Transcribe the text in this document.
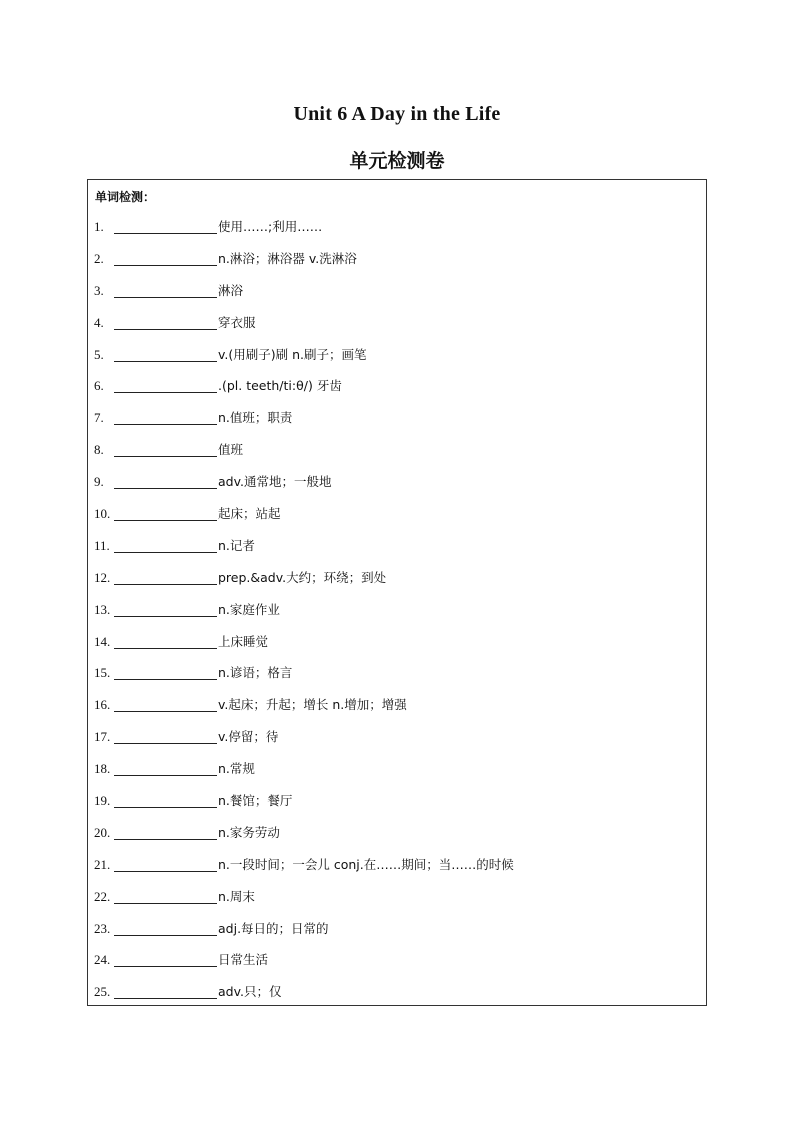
Unit 6 A Day in the Life
单元检测卷
单词检测：
1.	使用……;利用……
2.	n.淋浴；淋浴器 v.洗淋浴
3.	淋浴
4.	穿衣服
5.	v.(用刷子)刷 n.刷子；画笔
6.	.(pl. teeth/ti:θ/) 牙齿
7.	n.值班；职责
8.	值班
9.	adv.通常地；一般地
10.	起床；站起
11.	n.记者
12.	prep.&adv.大约；环绕；到处
13.	n.家庭作业
14.	上床睡觉
15.	n.谚语；格言
16.	v.起床；升起；增长 n.增加；增强
17.	v.停留；待
18.	n.常规
19.	n.餐馆；餐厅
20.	n.家务劳动
21.	n.一段时间；一会儿 conj.在……期间；当……的时候
22.	n.周末
23.	adj.每日的；日常的
24.	日常生活
25.	adv.只；仅
